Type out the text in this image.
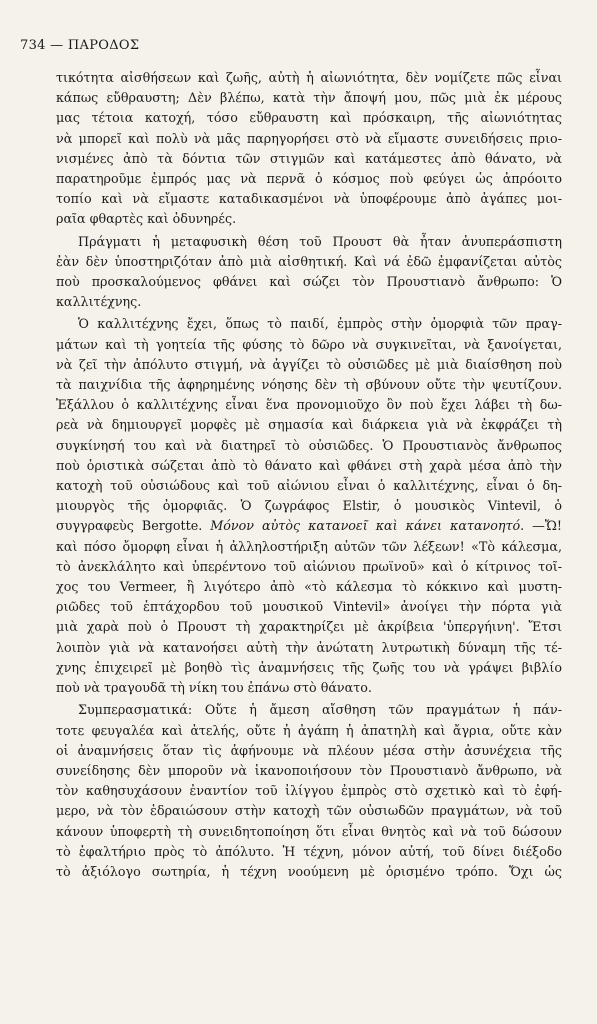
734 — ΠΑΡΟΔΟΣ
τικότητα αἰσθήσεων καὶ ζωῆς, αὐτὴ ἡ αἰωνιότητα, δὲν νομίζετε πῶς εἶναι
κάπως εὔθραυστη; Δὲν βλέπω, κατὰ τὴν ἄποψή μου, πῶς μιὰ ἐκ μέρους
μας τέτοια κατοχή, τόσο εὔθραυστη καὶ πρόσκαιρη, τῆς αἰωνιότητας
νὰ μπορεῖ καὶ πολὺ νὰ μᾶς παρηγορήσει στὸ νὰ εἴμαστε συνειδήσεις πριο-
νισμένες ἀπὸ τὰ δόντια τῶν στιγμῶν καὶ κατάμεστες ἀπὸ θάνατο, νὰ
παρατηροῦμε ἐμπρός μας νὰ περνᾶ ὁ κόσμος ποὺ φεύγει ὡς ἀπρόοιτο
τοπίο καὶ νὰ εἴμαστε καταδικασμένοι νὰ ὑποφέρουμε ἀπὸ ἀγάπες μοι-
ραῖα φθαρτὲς καὶ ὀδυνηρές.
Πράγματι ἡ μεταφυσικὴ θέση τοῦ Προυστ θὰ ἦταν ἀνυπεράσπιστη
ἐὰν δὲν ὑποστηριζόταν ἀπὸ μιὰ αἰσθητική. Καὶ νά ἐδῶ ἐμφανίζεται αὐτὸς
ποὺ προσκαλούμενος φθάνει καὶ σώζει τὸν Προυστιανὸ ἄνθρωπο: Ὁ
καλλιτέχνης.
Ὁ καλλιτέχνης ἔχει, ὅπως τὸ παιδί, ἐμπρὸς στὴν ὀμορφιὰ τῶν πραγ-
μάτων καὶ τὴ γοητεία τῆς φύσης τὸ δῶρο νὰ συγκινεῖται, νὰ ξανοίγεται,
νὰ ζεῖ τὴν ἀπόλυτο στιγμή, νὰ ἀγγίζει τὸ οὐσιῶδες μὲ μιὰ διαίσθηση ποὺ
τὰ παιχνίδια τῆς ἀφηρημένης νόησης δὲν τὴ σβύνουν οὔτε τὴν ψευτίζουν.
Ἐξάλλου ὁ καλλιτέχνης εἶναι ἕνα προνομιοῦχο ὂν ποὺ ἔχει λάβει τὴ δω-
ρεὰ νὰ δημιουργεῖ μορφὲς μὲ σημασία καὶ διάρκεια γιὰ νὰ ἐκφράζει τὴ
συγκίνησή του καὶ νὰ διατηρεῖ τὸ οὐσιῶδες. Ὁ Προυστιανὸς ἄνθρωπος
ποὺ ὁριστικὰ σώζεται ἀπὸ τὸ θάνατο καὶ φθάνει στὴ χαρὰ μέσα ἀπὸ τὴν
κατοχὴ τοῦ οὐσιώδους καὶ τοῦ αἰώνιου εἶναι ὁ καλλιτέχνης, εἶναι ὁ δη-
μιουργὸς τῆς ὀμορφιᾶς. Ὁ ζωγράφος Elstir, ὁ μουσικὸς Vintevil, ὁ
συγγραφεὺς Bergotte. Μόνον αὐτὸς κατανοεῖ καὶ κάνει κατανοητό. —Ὤ!
καὶ πόσο ὄμορφη εἶναι ἡ ἀλληλοστήριξη αὐτῶν τῶν λέξεων! «Τὸ κάλεσμα,
τὸ ἀνεκλάλητο καὶ ὑπερέντονο τοῦ αἰώνιου πρωϊνοῦ» καὶ ὁ κίτρινος τοῖ-
χος του Vermeer, ἢ λιγότερο ἀπὸ «τὸ κάλεσμα τὸ κόκκινο καὶ μυστη-
ριῶδες τοῦ ἑπτάχορδου τοῦ μουσικοῦ Vintevil» ἀνοίγει τὴν πόρτα γιὰ
μιὰ χαρὰ ποὺ ὁ Προυστ τὴ χαρακτηρίζει μὲ ἀκρίβεια 'ὑπεργήινη'. Ἔτσι
λοιπὸν γιὰ νὰ κατανοήσει αὐτὴ τὴν ἀνώτατη λυτρωτικὴ δύναμη τῆς τέ-
χνης ἐπιχειρεῖ μὲ βοηθὸ τὶς ἀναμνήσεις τῆς ζωῆς του νὰ γράψει βιβλίο
ποὺ νὰ τραγουδᾶ τὴ νίκη του ἐπάνω στὸ θάνατο.
Συμπερασματικά: Οὔτε ἡ ἄμεση αἴσθηση τῶν πραγμάτων ἡ πάν-
τοτε φευγαλέα καὶ ἀτελής, οὔτε ἡ ἀγάπη ἡ ἀπατηλὴ καὶ ἄγρια, οὔτε κὰν
οἱ ἀναμνήσεις ὅταν τὶς ἀφήνουμε νὰ πλέουν μέσα στὴν ἀσυνέχεια τῆς
συνείδησης δὲν μποροῦν νὰ ἱκανοποιήσουν τὸν Προυστιανὸ ἄνθρωπο, νὰ
τὸν καθησυχάσουν ἐναντίον τοῦ ἰλίγγου ἐμπρὸς στὸ σχετικὸ καὶ τὸ ἐφή-
μερο, νὰ τὸν ἑδραιώσουν στὴν κατοχὴ τῶν οὐσιωδῶν πραγμάτων, νὰ τοῦ
κάνουν ὑποφερτὴ τὴ συνειδητοποίηση ὅτι εἶναι θνητὸς καὶ νὰ τοῦ δώσουν
τὸ ἐφαλτήριο πρὸς τὸ ἀπόλυτο. Ἡ τέχνη, μόνον αὐτή, τοῦ δίνει διέξοδο
τὸ ἀξιόλογο σωτηρία, ἡ τέχνη νοούμενη μὲ ὁρισμένο τρόπο. Ὄχι ὡς
